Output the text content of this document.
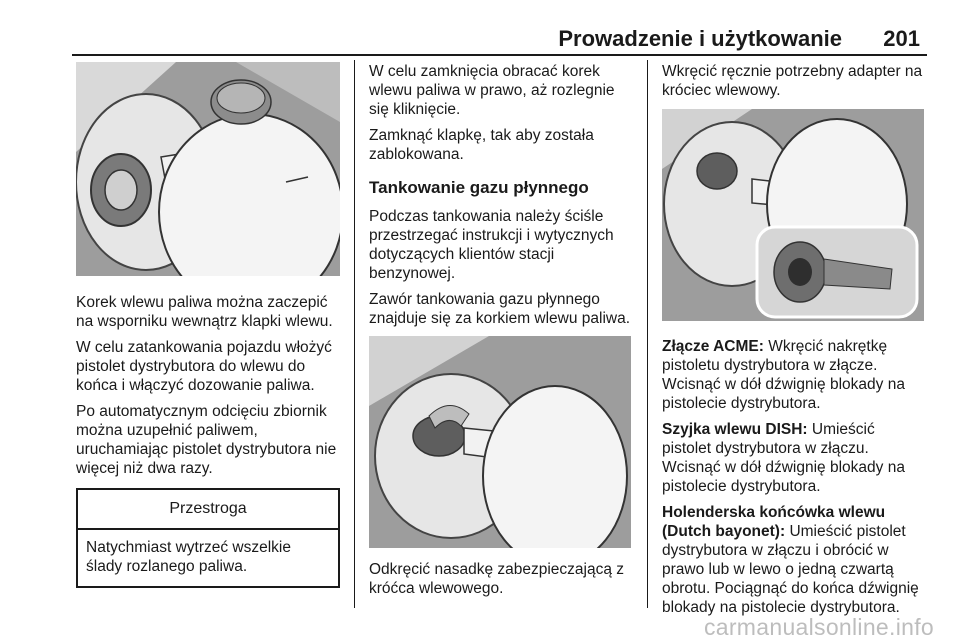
Prowadzenie i użytkowanie 201

Korek wlewu paliwa można zaczepić na wsporniku wewnątrz klapki wlewu.

W celu zatankowania pojazdu włożyć pistolet dystrybutora do wlewu do końca i włączyć dozowanie paliwa.

Po automatycznym odcięciu zbiornik można uzupełnić paliwem, uruchamiając pistolet dystrybutora nie więcej niż dwa razy.

Przestroga
Natychmiast wytrzeć wszelkie ślady rozlanego paliwa.

W celu zamknięcia obracać korek wlewu paliwa w prawo, aż rozlegnie się kliknięcie.

Zamknąć klapkę, tak aby została zablokowana.

Tankowanie gazu płynnego

Podczas tankowania należy ściśle przestrzegać instrukcji i wytycznych dotyczących klientów stacji benzynowej.

Zawór tankowania gazu płynnego znajduje się za korkiem wlewu paliwa.

Odkręcić nasadkę zabezpieczającą z króćca wlewowego.

Wkręcić ręcznie potrzebny adapter na króciec wlewowy.

Złącze ACME: Wkręcić nakrętkę pistoletu dystrybutora w złącze. Wcisnąć w dół dźwignię blokady na pistolecie dystrybutora.

Szyjka wlewu DISH: Umieścić pistolet dystrybutora w złączu. Wcisnąć w dół dźwignię blokady na pistolecie dystrybutora.

Holenderska końcówka wlewu (Dutch bayonet): Umieścić pistolet dystrybutora w złączu i obrócić w prawo lub w lewo o jedną czwartą obrotu. Pociągnąć do końca dźwignię blokady na pistolecie dystrybutora.

carmanualsonline.info
